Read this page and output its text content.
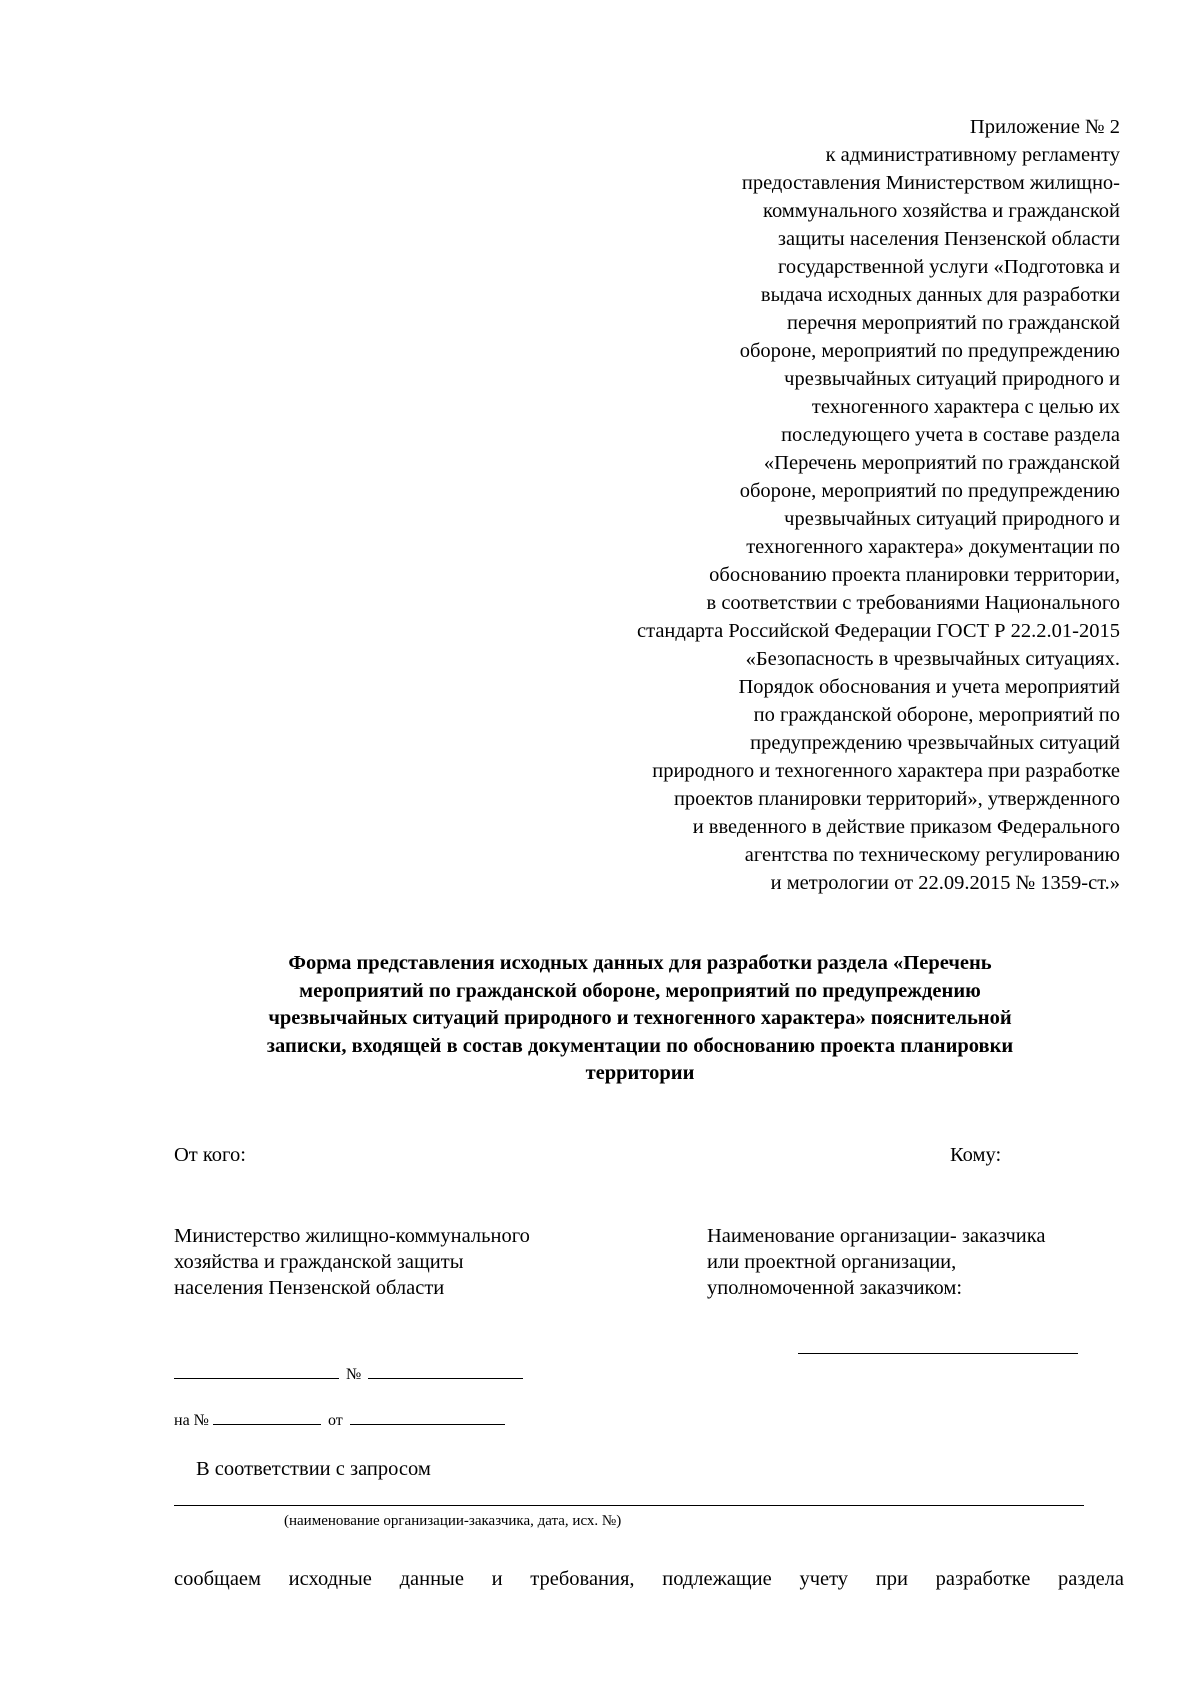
Приложение № 2
к административному регламенту
предоставления Министерством жилищно-
коммунального хозяйства и гражданской
защиты населения Пензенской области
государственной услуги «Подготовка и
выдача исходных данных для разработки
перечня мероприятий по гражданской
обороне, мероприятий по предупреждению
чрезвычайных ситуаций природного и
техногенного характера с целью их
последующего учета в составе раздела
«Перечень мероприятий по гражданской
обороне, мероприятий по предупреждению
чрезвычайных ситуаций природного и
техногенного характера» документации по
обоснованию проекта планировки территории,
в соответствии с требованиями Национального
стандарта Российской Федерации ГОСТ Р 22.2.01-2015
«Безопасность в чрезвычайных ситуациях.
Порядок обоснования и учета мероприятий
по гражданской обороне, мероприятий по
предупреждению чрезвычайных ситуаций
природного и техногенного характера при разработке
проектов планировки территорий», утвержденного
и введенного в действие приказом Федерального
агентства по техническому регулированию
и метрологии от 22.09.2015 № 1359-ст.»
Форма представления исходных данных для разработки раздела «Перечень
мероприятий по гражданской обороне, мероприятий по предупреждению
чрезвычайных ситуаций природного и техногенного характера» пояснительной
записки, входящей в состав документации по обоснованию проекта планировки
территории
От кого:	Кому:
Министерство жилищно-коммунального
хозяйства и гражданской защиты
населения Пензенской области
Наименование организации- заказчика
или проектной организации,
уполномоченной заказчиком:
№
на №	от
В соответствии с запросом
(наименование организации-заказчика, дата, исх. №)
сообщаем исходные данные и требования, подлежащие учету при разработке раздела
